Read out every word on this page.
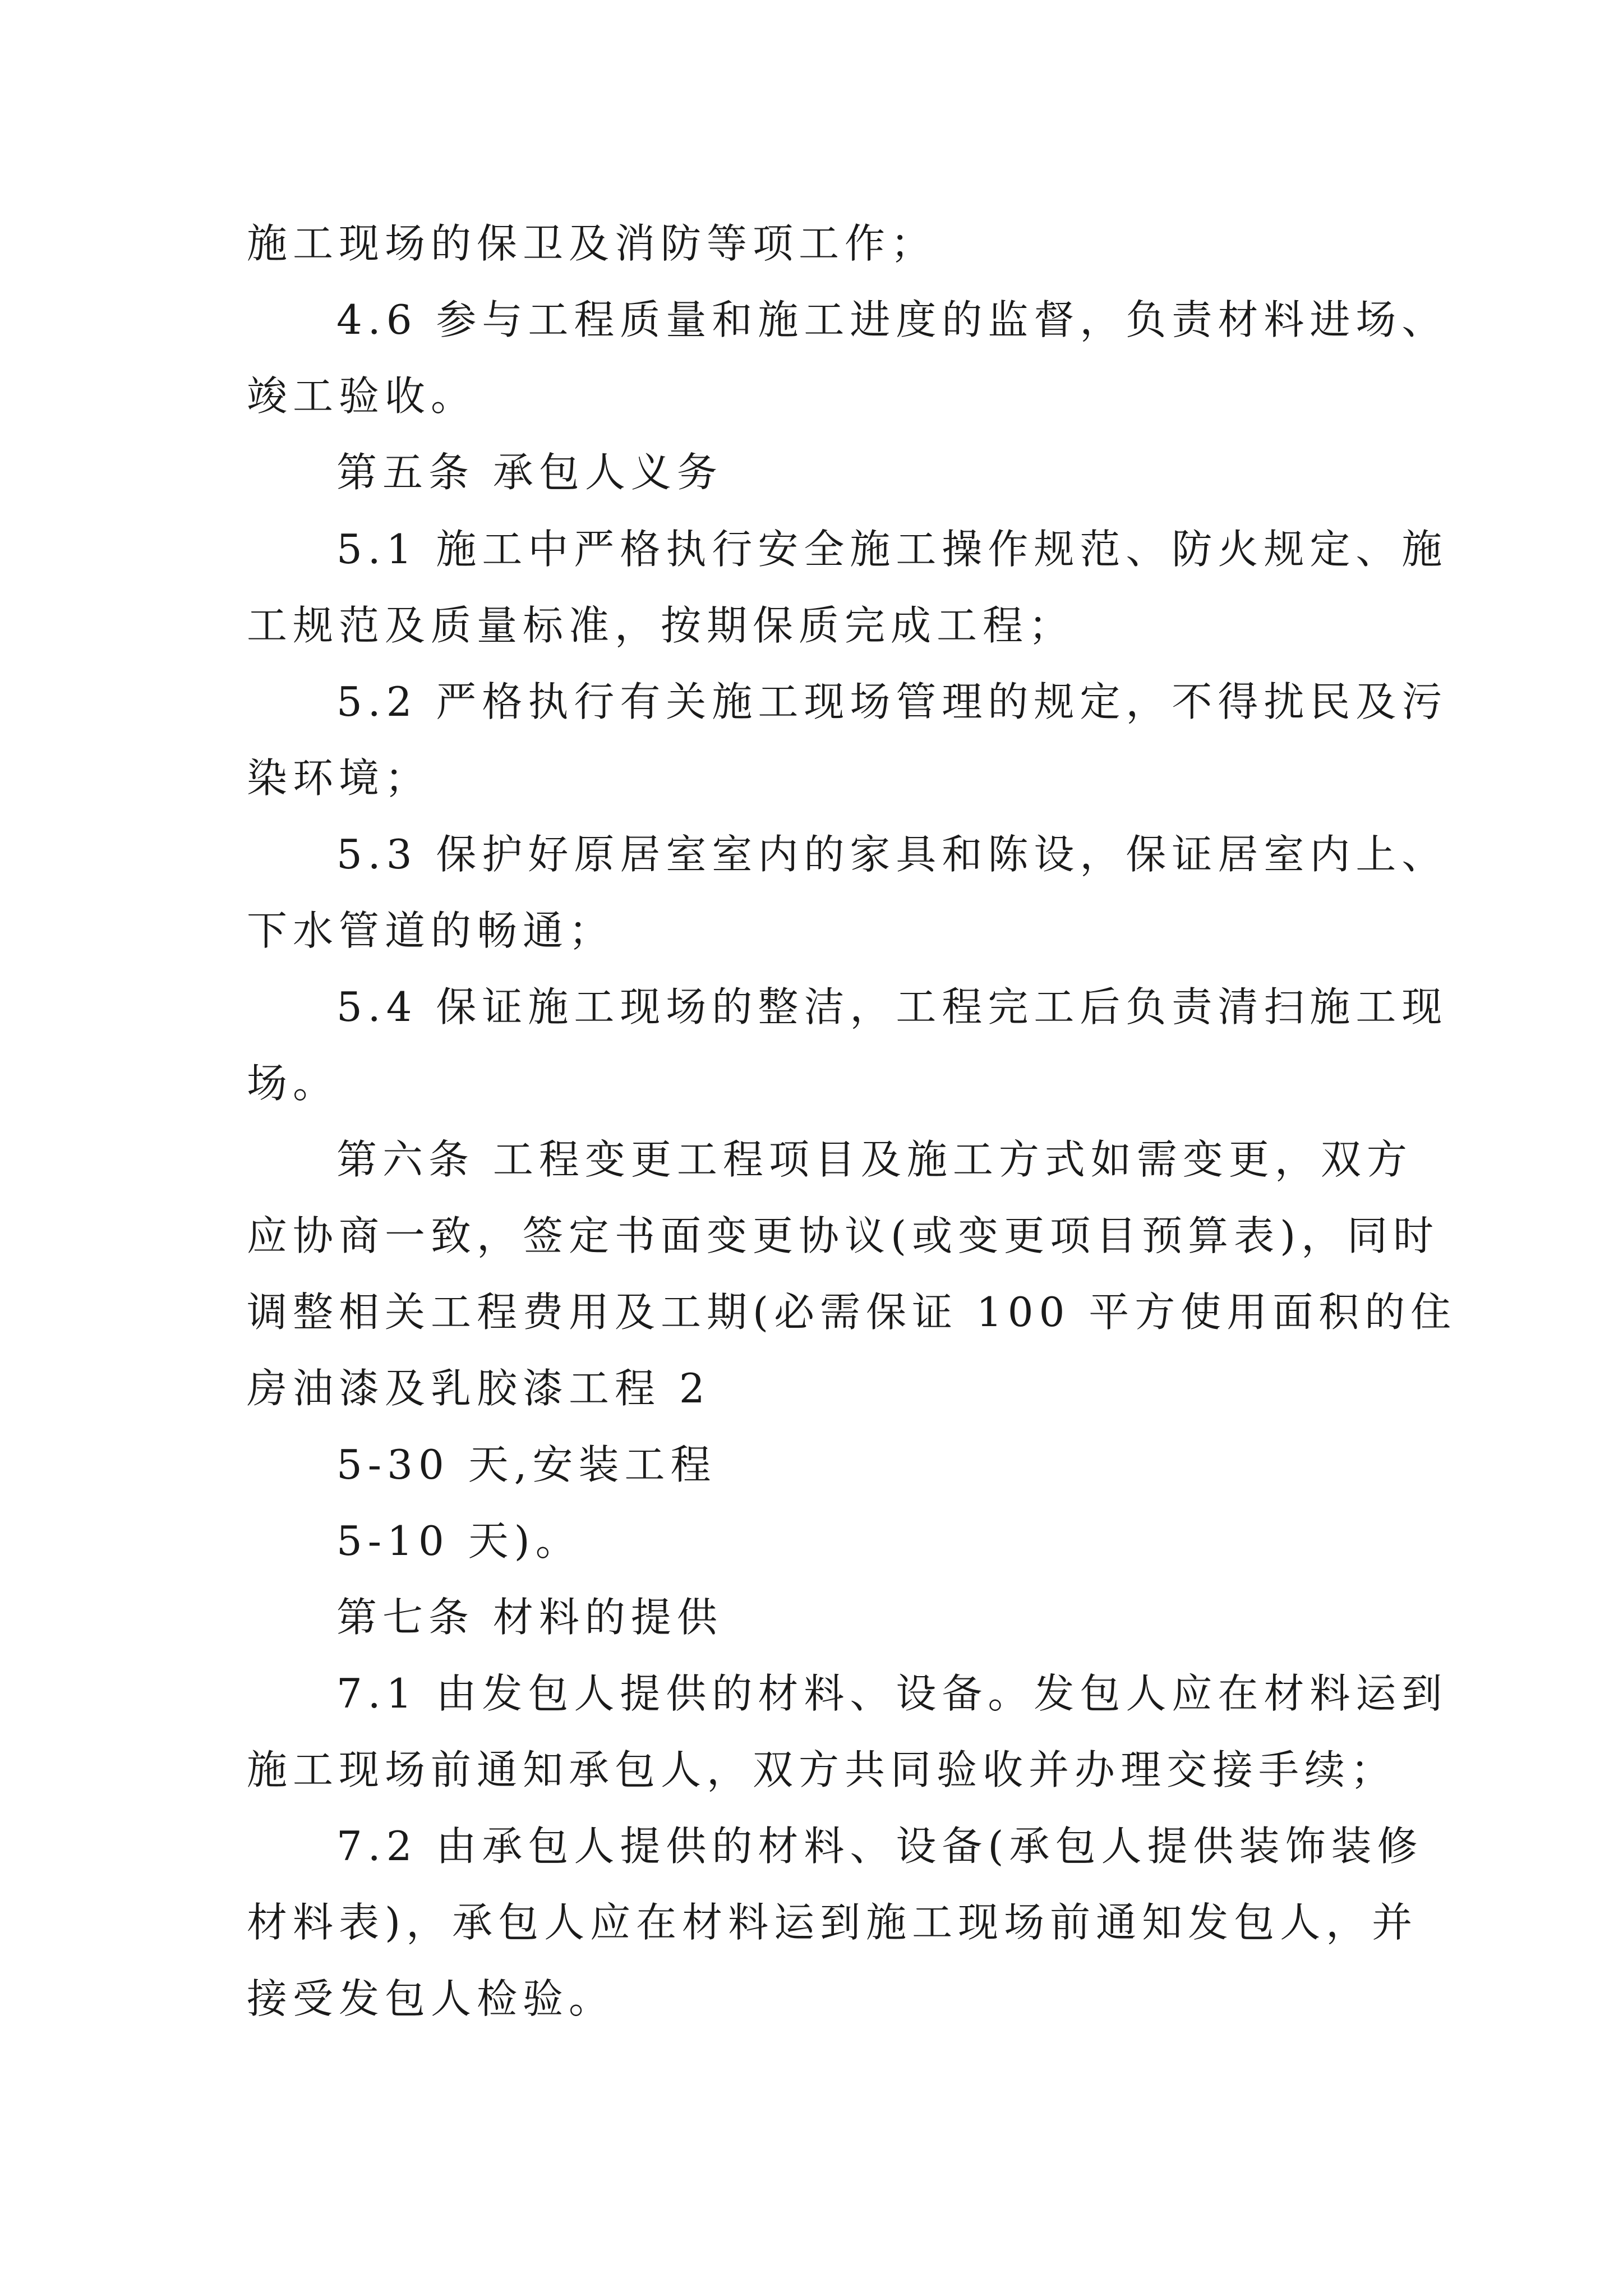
施工现场的保卫及消防等项工作；
4.6 参与工程质量和施工进度的监督，负责材料进场、
竣工验收。
第五条 承包人义务
5.1 施工中严格执行安全施工操作规范、防火规定、施
工规范及质量标准，按期保质完成工程；
5.2 严格执行有关施工现场管理的规定，不得扰民及污
染环境；
5.3 保护好原居室室内的家具和陈设，保证居室内上、
下水管道的畅通；
5.4 保证施工现场的整洁，工程完工后负责清扫施工现
场。
第六条 工程变更工程项目及施工方式如需变更，双方
应协商一致，签定书面变更协议(或变更项目预算表)，同时
调整相关工程费用及工期(必需保证 100 平方使用面积的住
房油漆及乳胶漆工程 2
5-30 天,安装工程
5-10 天)。
第七条 材料的提供
7.1 由发包人提供的材料、设备。发包人应在材料运到
施工现场前通知承包人，双方共同验收并办理交接手续；
7.2 由承包人提供的材料、设备(承包人提供装饰装修
材料表)，承包人应在材料运到施工现场前通知发包人，并
接受发包人检验。
